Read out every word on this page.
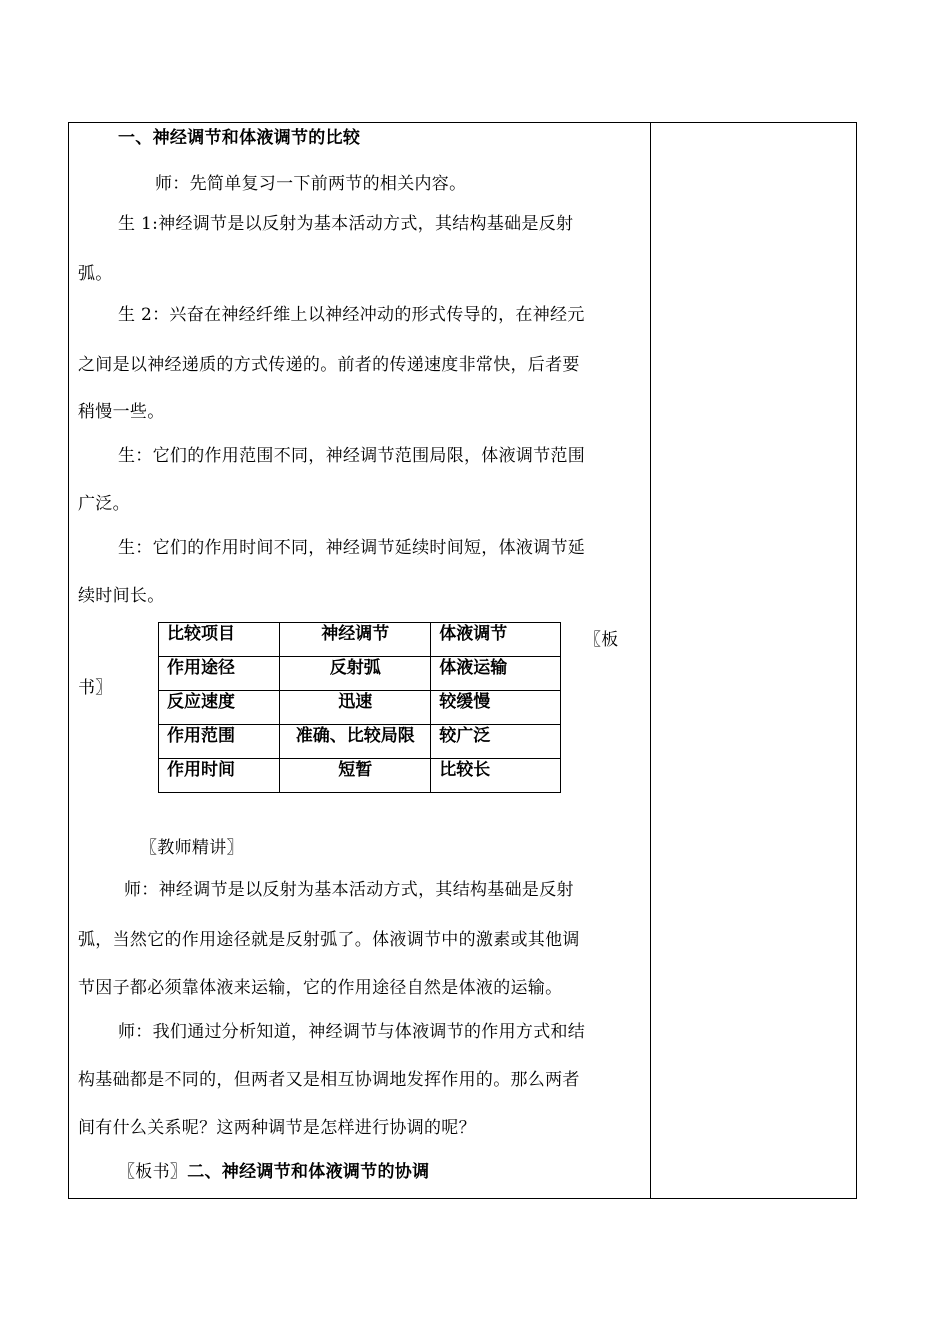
一、神经调节和体液调节的比较
师：先简单复习一下前两节的相关内容。
生 1:神经调节是以反射为基本活动方式，其结构基础是反射
弧。
生 2：兴奋在神经纤维上以神经冲动的形式传导的，在神经元
之间是以神经递质的方式传递的。前者的传递速度非常快，后者要
稍慢一些。
生：它们的作用范围不同，神经调节范围局限，体液调节范围
广泛。
生：它们的作用时间不同，神经调节延续时间短，体液调节延
续时间长。
〖板
书〗
比较项目	神经调节	体液调节
作用途径	反射弧	体液运输
反应速度	迅速	较缓慢
作用范围	准确、比较局限	较广泛
作用时间	短暂	比较长
〖教师精讲〗
师：神经调节是以反射为基本活动方式，其结构基础是反射
弧，当然它的作用途径就是反射弧了。体液调节中的激素或其他调
节因子都必须靠体液来运输，它的作用途径自然是体液的运输。
师：我们通过分析知道，神经调节与体液调节的作用方式和结
构基础都是不同的，但两者又是相互协调地发挥作用的。那么两者
间有什么关系呢？这两种调节是怎样进行协调的呢？
〖板书〗二、神经调节和体液调节的协调
